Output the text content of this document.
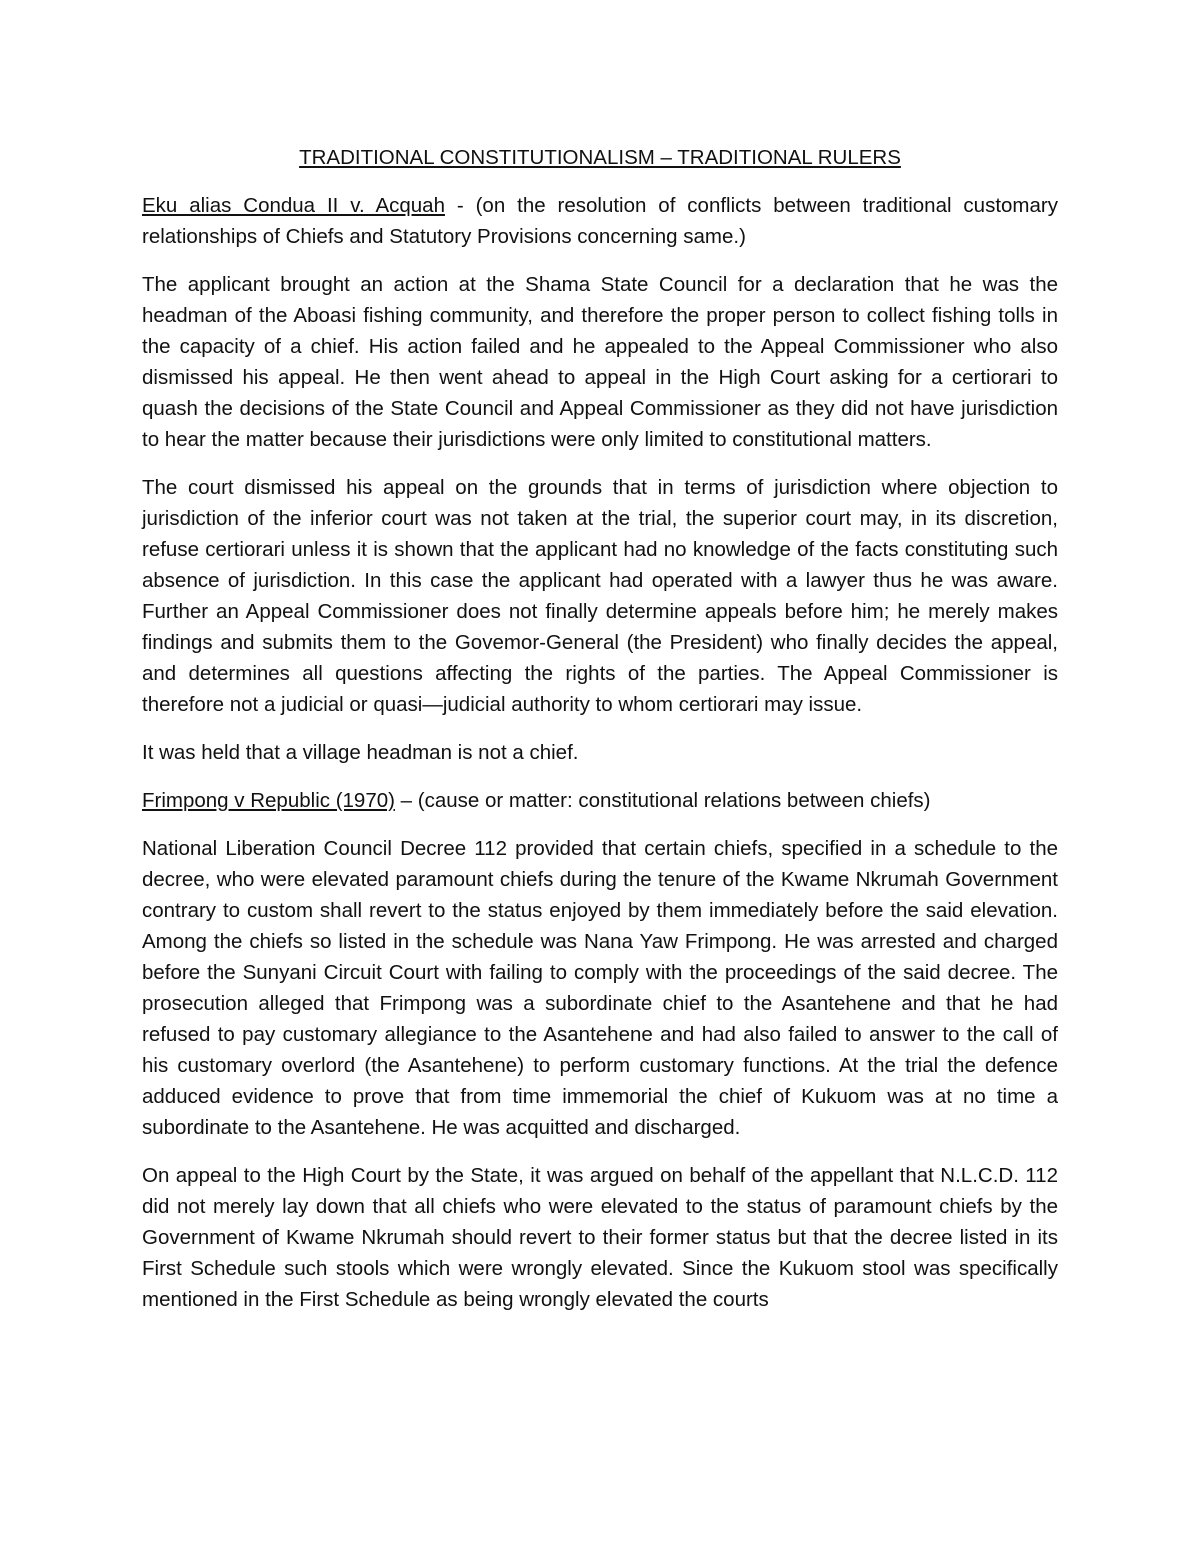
TRADITIONAL CONSTITUTIONALISM – TRADITIONAL RULERS

Eku alias Condua II v. Acquah - (on the resolution of conflicts between traditional customary relationships of Chiefs and Statutory Provisions concerning same.)

The applicant brought an action at the Shama State Council for a declaration that he was the headman of the Aboasi fishing community, and therefore the proper person to collect fishing tolls in the capacity of a chief. His action failed and he appealed to the Appeal Commissioner who also dismissed his appeal. He then went ahead to appeal in the High Court asking for a certiorari to quash the decisions of the State Council and Appeal Commissioner as they did not have jurisdiction to hear the matter because their jurisdictions were only limited to constitutional matters.

The court dismissed his appeal on the grounds that in terms of jurisdiction where objection to jurisdiction of the inferior court was not taken at the trial, the superior court may, in its discretion, refuse certiorari unless it is shown that the applicant had no knowledge of the facts constituting such absence of jurisdiction. In this case the applicant had operated with a lawyer thus he was aware. Further an Appeal Commissioner does not finally determine appeals before him; he merely makes findings and submits them to the Govemor-General (the President) who finally decides the appeal, and determines all questions affecting the rights of the parties. The Appeal Commissioner is therefore not a judicial or quasi—judicial authority to whom certiorari may issue.

It was held that a village headman is not a chief.

Frimpong v Republic (1970) – (cause or matter: constitutional relations between chiefs)

National Liberation Council Decree 112 provided that certain chiefs, specified in a schedule to the decree, who were elevated paramount chiefs during the tenure of the Kwame Nkrumah Government contrary to custom shall revert to the status enjoyed by them immediately before the said elevation. Among the chiefs so listed in the schedule was Nana Yaw Frimpong. He was arrested and charged before the Sunyani Circuit Court with failing to comply with the proceedings of the said decree. The prosecution alleged that Frimpong was a subordinate chief to the Asantehene and that he had refused to pay customary allegiance to the Asantehene and had also failed to answer to the call of his customary overlord (the Asantehene) to perform customary functions. At the trial the defence adduced evidence to prove that from time immemorial the chief of Kukuom was at no time a subordinate to the Asantehene. He was acquitted and discharged.

On appeal to the High Court by the State, it was argued on behalf of the appellant that N.L.C.D. 112 did not merely lay down that all chiefs who were elevated to the status of paramount chiefs by the Government of Kwame Nkrumah should revert to their former status but that the decree listed in its First Schedule such stools which were wrongly elevated. Since the Kukuom stool was specifically mentioned in the First Schedule as being wrongly elevated the courts
